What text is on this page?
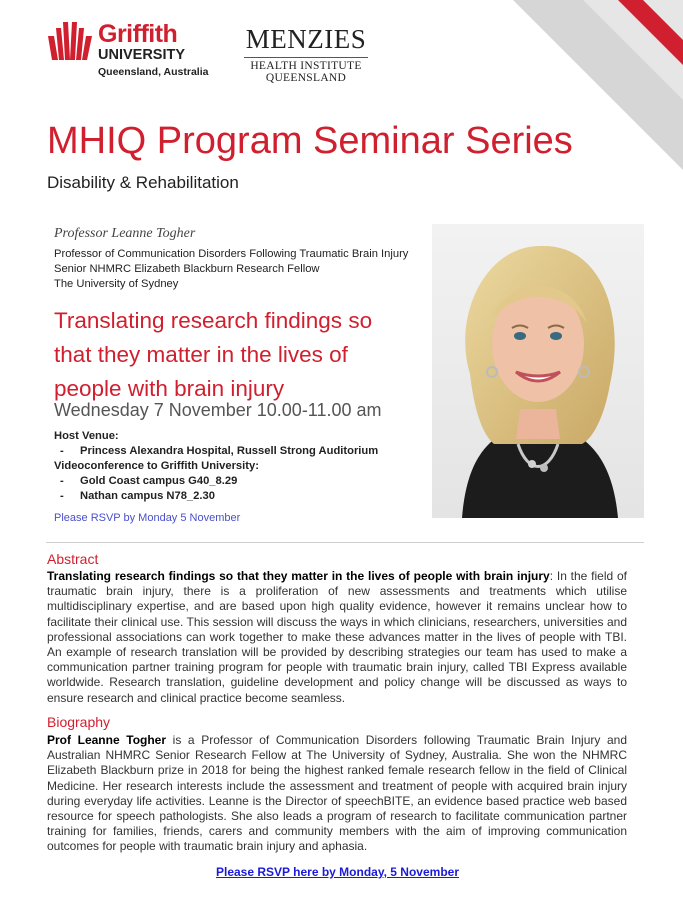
Griffith
UNIVERSITY
Queensland, Australia
MENZIES
HEALTH INSTITUTE
QUEENSLAND
MHIQ Program Seminar Series
Disability & Rehabilitation
Professor Leanne Togher
Professor of Communication Disorders Following Traumatic Brain Injury
Senior NHMRC Elizabeth Blackburn Research Fellow
The University of Sydney
Translating research findings so
that they matter in the lives of
people with brain injury
Wednesday 7 November 10.00-11.00 am
Host Venue:
- Princess Alexandra Hospital, Russell Strong Auditorium
Videoconference to Griffith University:
- Gold Coast campus G40_8.29
- Nathan campus N78_2.30
Please RSVP by Monday 5 November
Abstract
Translating research findings so that they matter in the lives of people with brain injury: In the field of traumatic brain injury, there is a proliferation of new assessments and treatments which utilise multidisciplinary expertise, and are based upon high quality evidence, however it remains unclear how to facilitate their clinical use. This session will discuss the ways in which clinicians, researchers, universities and professional associations can work together to make these advances matter in the lives of people with TBI. An example of research translation will be provided by describing strategies our team has used to make a communication partner training program for people with traumatic brain injury, called TBI Express available worldwide. Research translation, guideline development and policy change will be discussed as ways to ensure research and clinical practice become seamless.
Biography
Prof Leanne Togher is a Professor of Communication Disorders following Traumatic Brain Injury and Australian NHMRC Senior Research Fellow at The University of Sydney, Australia. She won the NHMRC Elizabeth Blackburn prize in 2018 for being the highest ranked female research fellow in the field of Clinical Medicine. Her research interests include the assessment and treatment of people with acquired brain injury during everyday life activities. Leanne is the Director of speechBITE, an evidence based practice web based resource for speech pathologists. She also leads a program of research to facilitate communication partner training for families, friends, carers and community members with the aim of improving communication outcomes for people with traumatic brain injury and aphasia.
Please RSVP here by Monday, 5 November
